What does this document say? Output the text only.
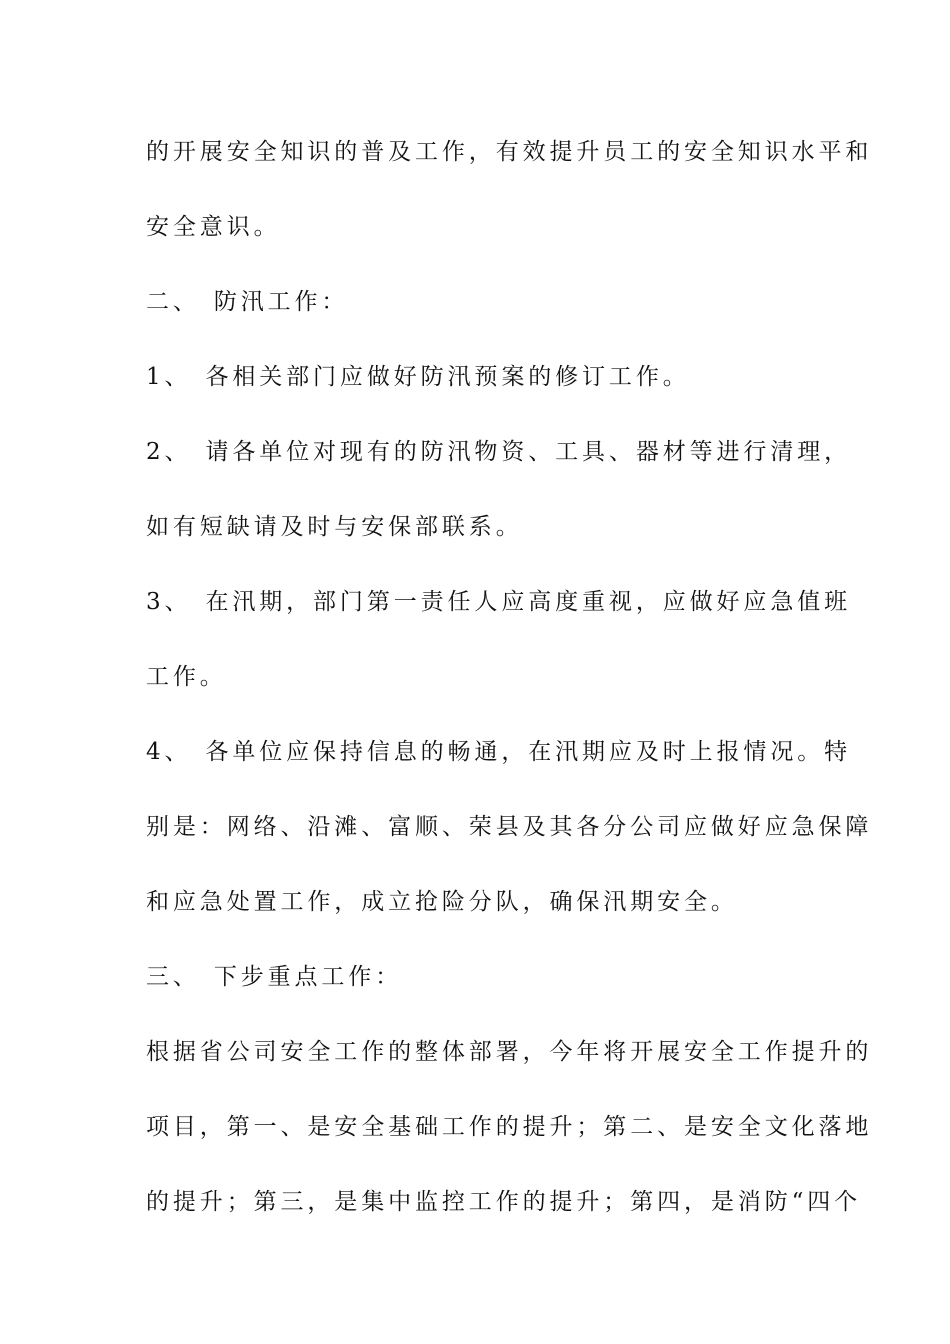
的开展安全知识的普及工作，有效提升员工的安全知识水平和
安全意识。
二、 防汛工作：
1、 各相关部门应做好防汛预案的修订工作。
2、 请各单位对现有的防汛物资、工具、器材等进行清理，
如有短缺请及时与安保部联系。
3、 在汛期，部门第一责任人应高度重视，应做好应急值班
工作。
4、 各单位应保持信息的畅通，在汛期应及时上报情况。特
别是：网络、沿滩、富顺、荣县及其各分公司应做好应急保障
和应急处置工作，成立抢险分队，确保汛期安全。
三、 下步重点工作：
根据省公司安全工作的整体部署，今年将开展安全工作提升的
项目，第一、是安全基础工作的提升；第二、是安全文化落地
的提升；第三，是集中监控工作的提升；第四，是消防“四个
